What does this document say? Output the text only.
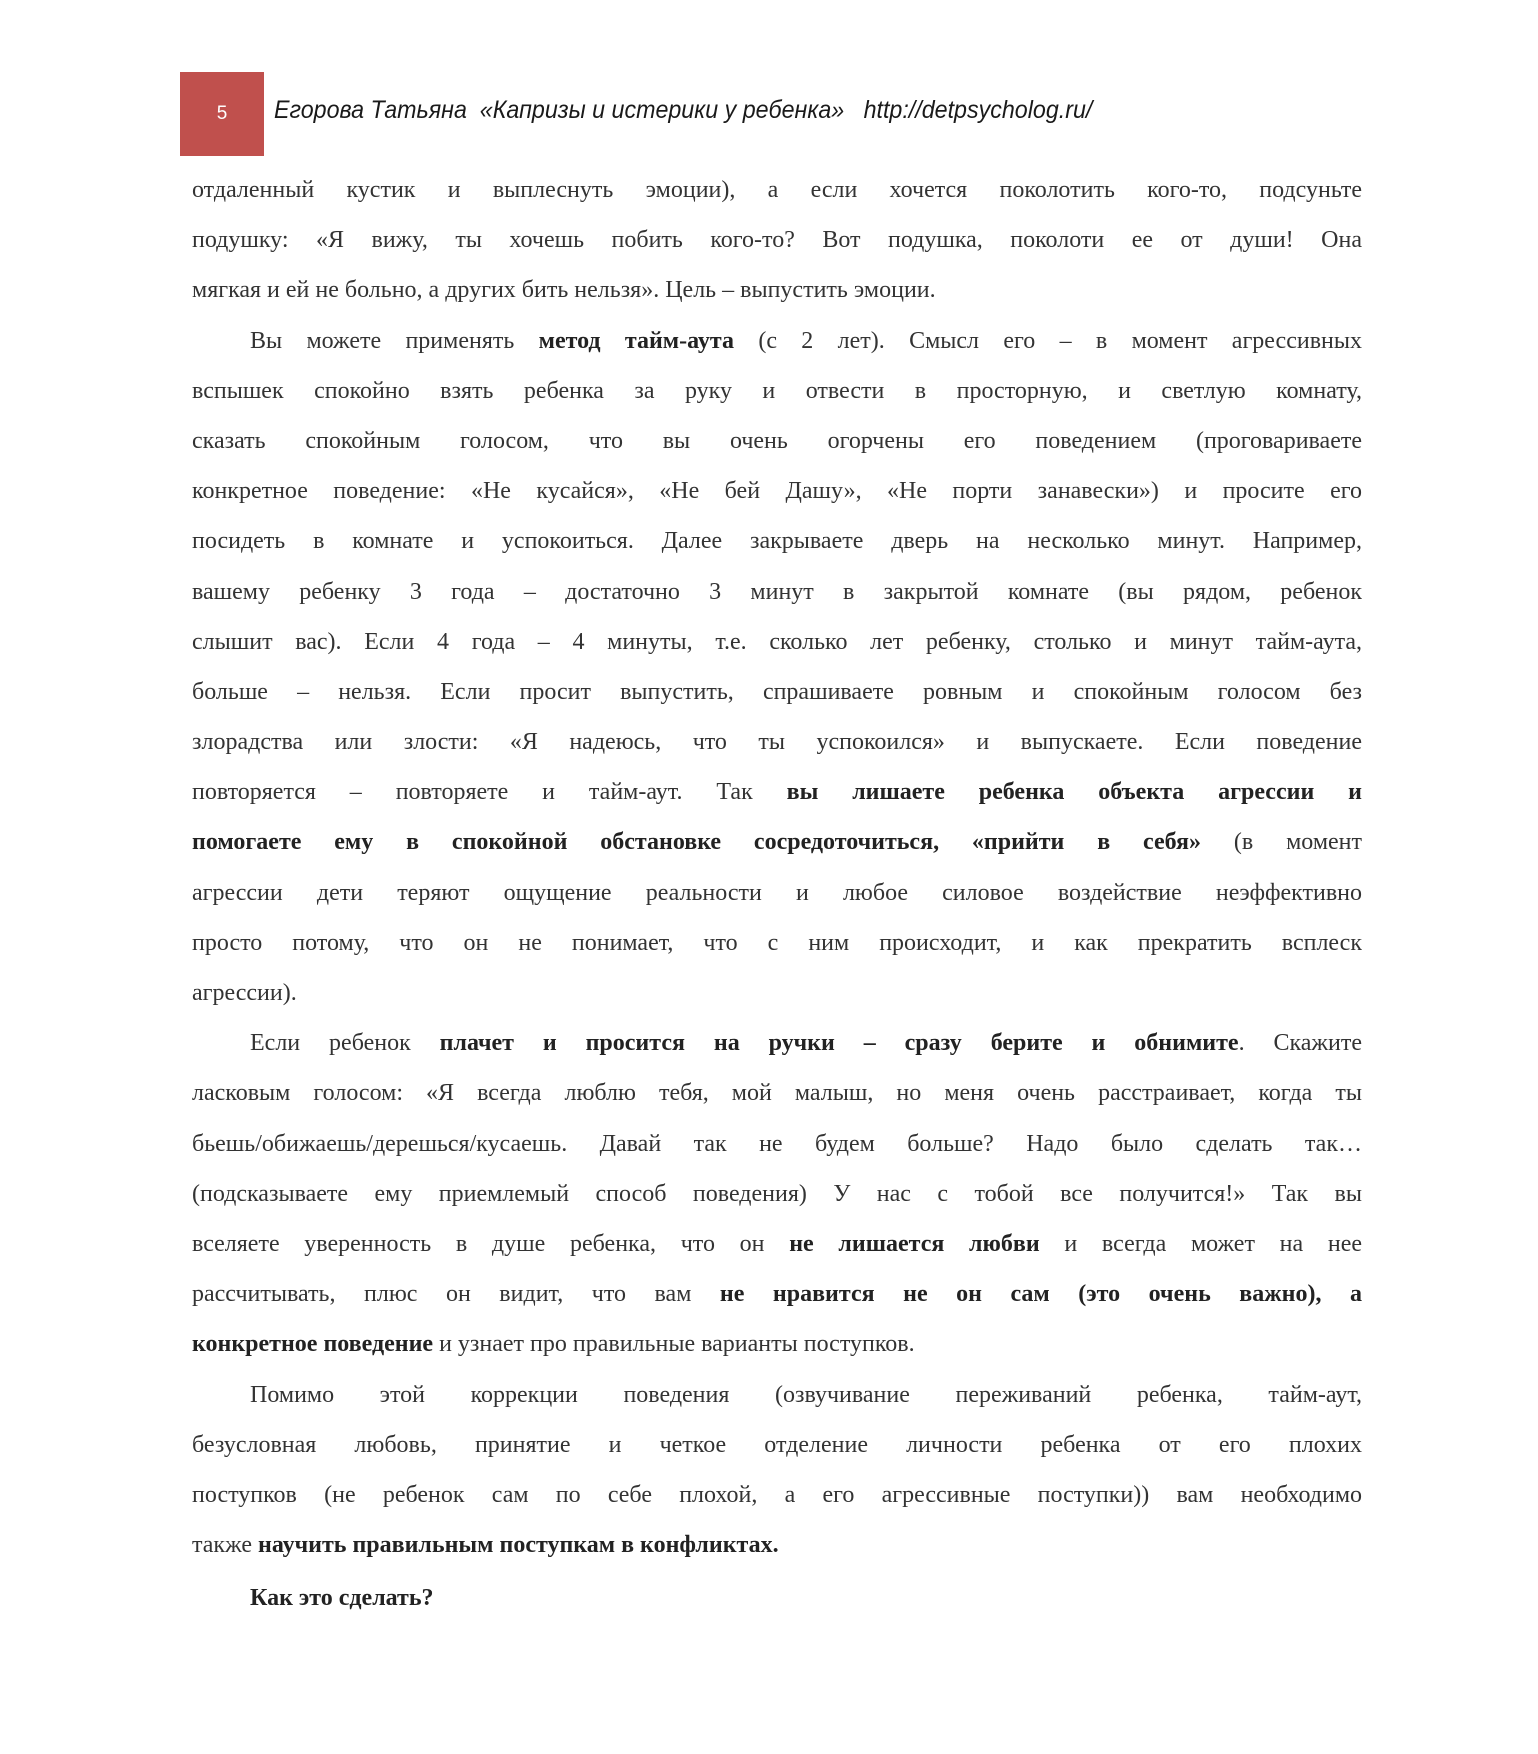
5 Егорова Татьяна  «Капризы и истерики у ребенка»   http://detpsycholog.ru/
отдаленный кустик и выплеснуть эмоции), а если хочется поколотить кого-то, подсуньте
подушку: «Я вижу, ты хочешь побить кого-то? Вот подушка, поколоти ее от души! Она
мягкая и ей не больно, а других бить нельзя». Цель – выпустить эмоции.
Вы можете применять метод тайм-аута (с 2 лет). Смысл его – в момент агрессивных
вспышек спокойно взять ребенка за руку и отвести в просторную, и светлую комнату,
сказать спокойным голосом, что вы очень огорчены его поведением (проговариваете
конкретное поведение: «Не кусайся», «Не бей Дашу», «Не порти занавески») и просите его
посидеть в комнате и успокоиться. Далее закрываете дверь на несколько минут. Например,
вашему ребенку 3 года – достаточно 3 минут в закрытой комнате (вы рядом, ребенок
слышит вас). Если 4 года – 4 минуты, т.е. сколько лет ребенку, столько и минут тайм-аута,
больше – нельзя. Если просит выпустить, спрашиваете ровным и спокойным голосом без
злорадства или злости: «Я надеюсь, что ты успокоился» и выпускаете. Если поведение
повторяется – повторяете и тайм-аут. Так вы лишаете ребенка объекта агрессии и
помогаете ему в спокойной обстановке сосредоточиться, «прийти в себя» (в момент
агрессии дети теряют ощущение реальности и любое силовое воздействие неэффективно
просто потому, что он не понимает, что с ним происходит, и как прекратить всплеск
агрессии).
Если ребенок плачет и просится на ручки – сразу берите и обнимите. Скажите
ласковым голосом: «Я всегда люблю тебя, мой малыш, но меня очень расстраивает, когда ты
бьешь/обижаешь/дерешься/кусаешь. Давай так не будем больше? Надо было сделать так…
(подсказываете ему приемлемый способ поведения) У нас с тобой все получится!» Так вы
вселяете уверенность в душе ребенка, что он не лишается любви и всегда может на нее
рассчитывать, плюс он видит, что вам не нравится не он сам (это очень важно), а
конкретное поведение и узнает про правильные варианты поступков.
Помимо этой коррекции поведения (озвучивание переживаний ребенка, тайм-аут,
безусловная любовь, принятие и четкое отделение личности ребенка от его плохих
поступков (не ребенок сам по себе плохой, а его агрессивные поступки)) вам необходимо
также научить правильным поступкам в конфликтах.
Как это сделать?
